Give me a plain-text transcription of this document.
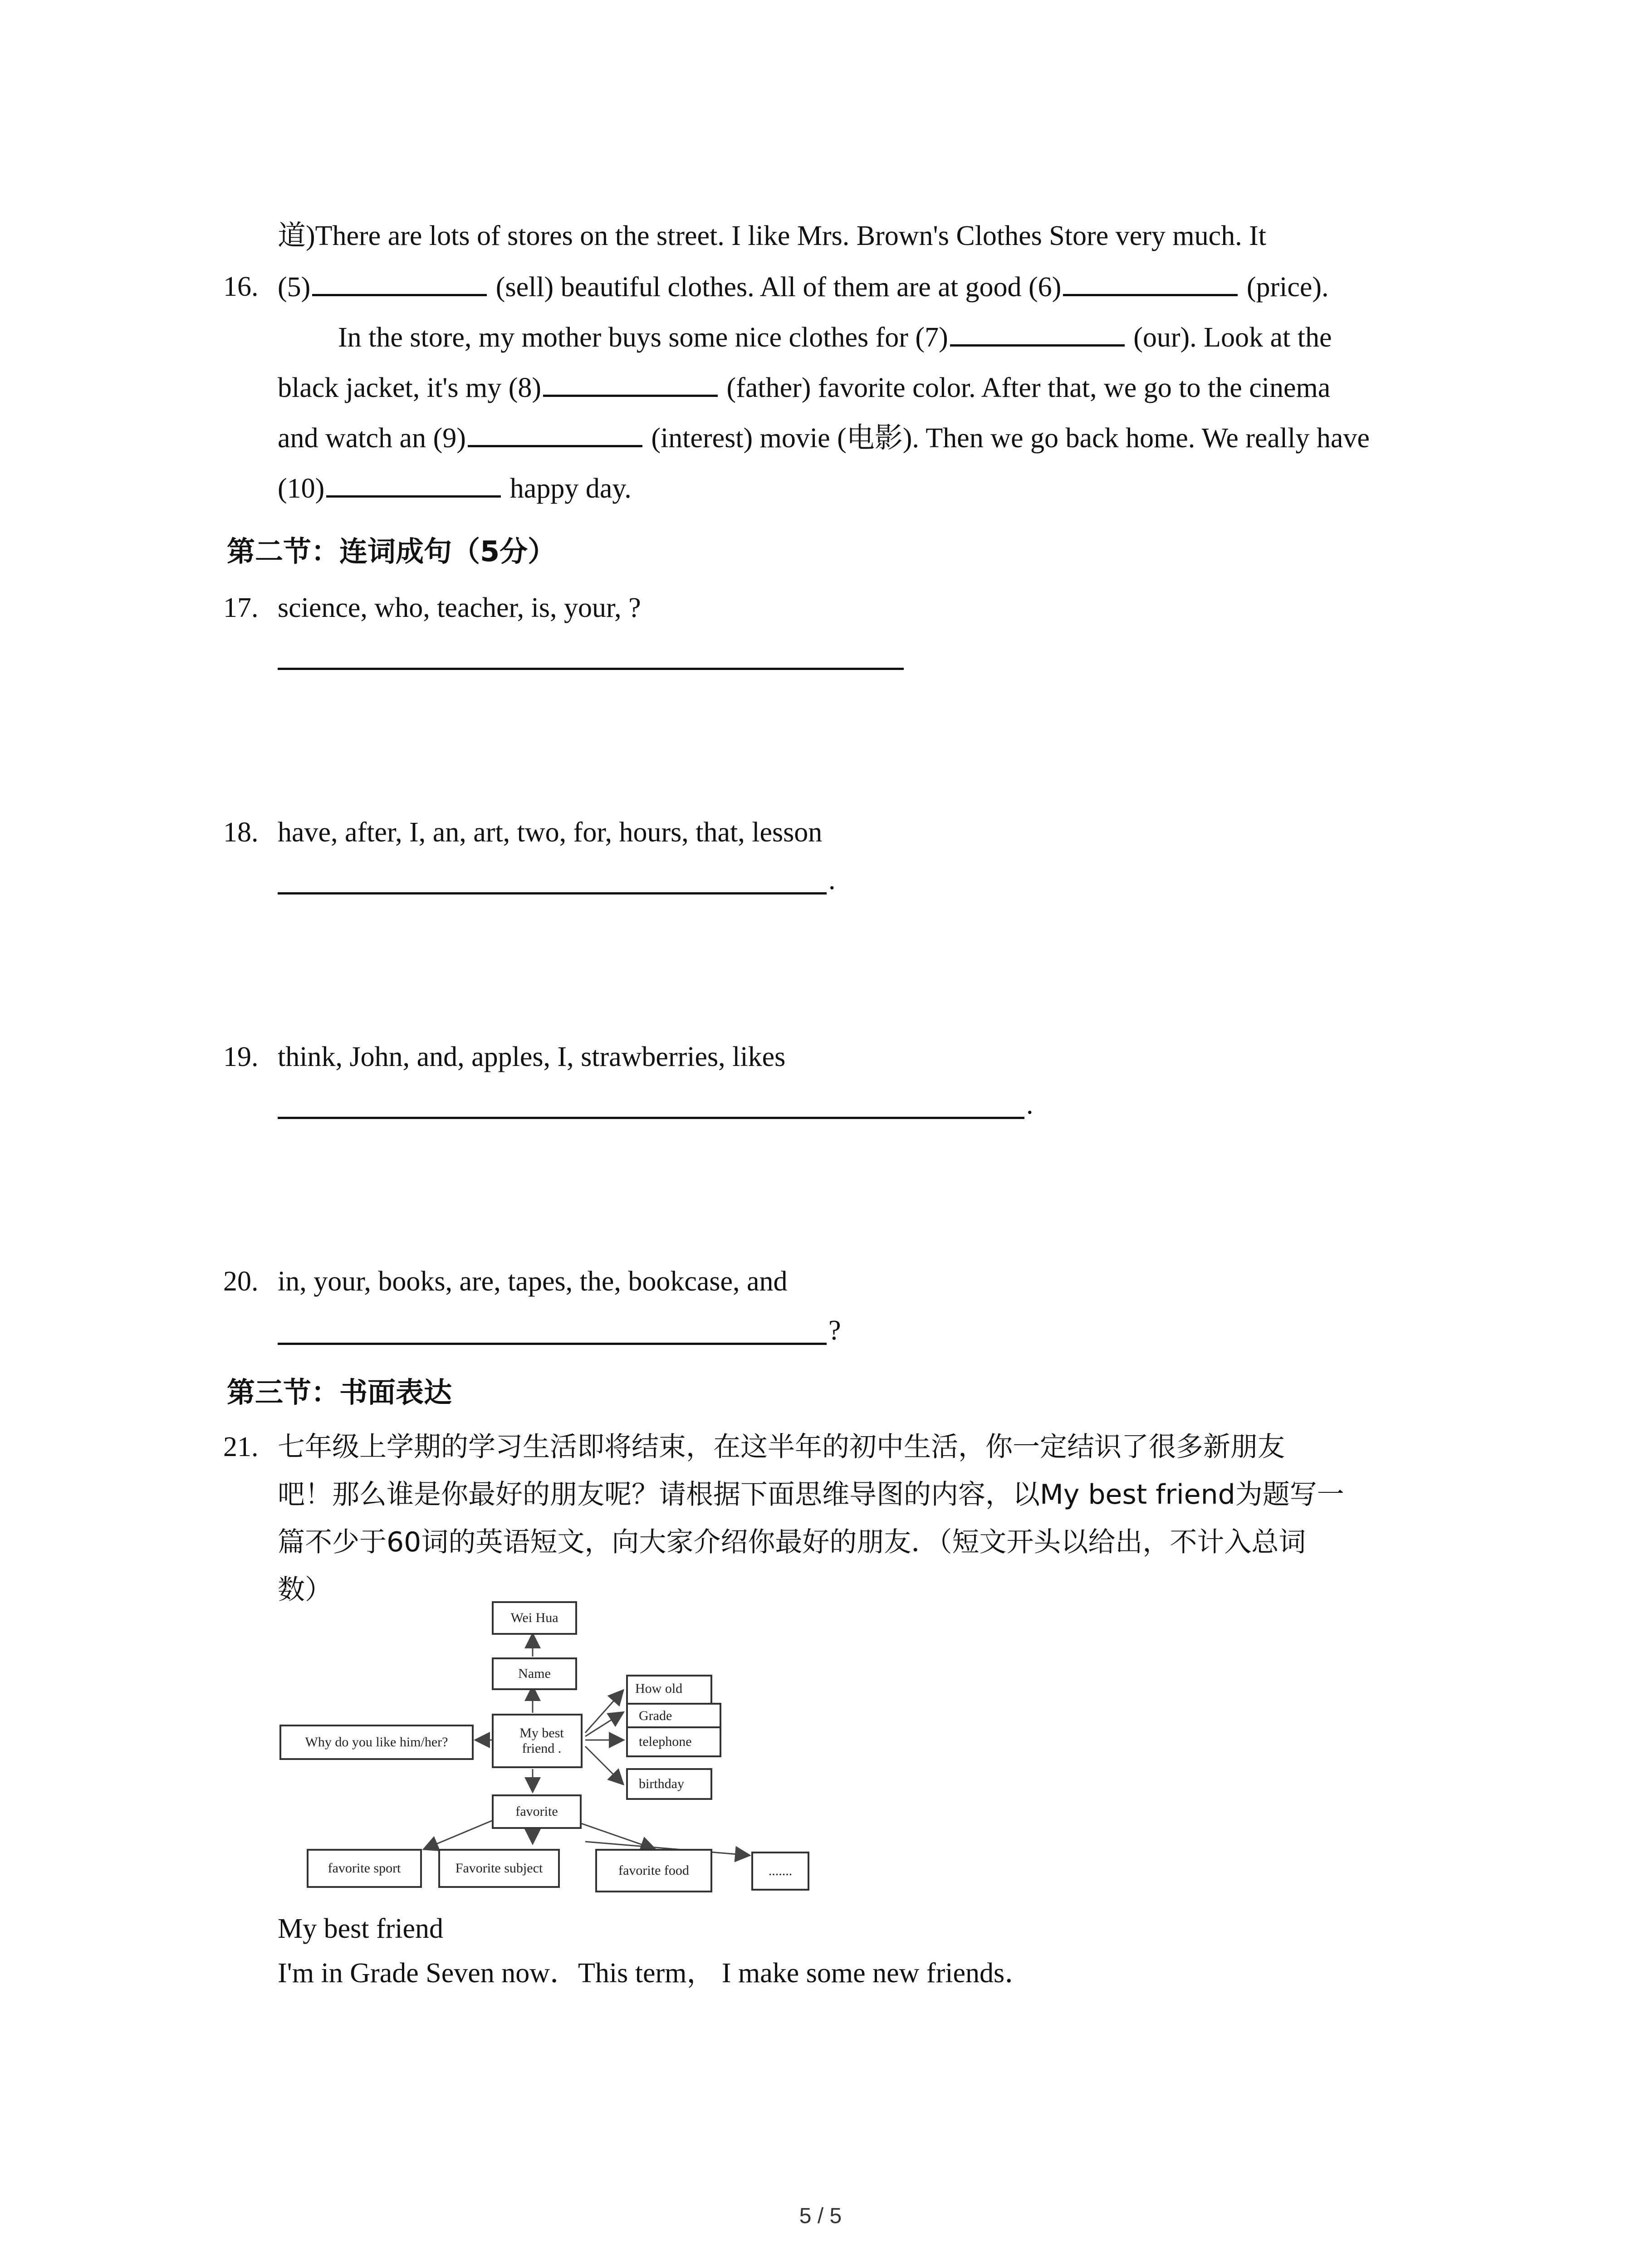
道)There are lots of stores on the street. I like Mrs. Brown's Clothes Store very much. It
16. (5)	(sell) beautiful clothes. All of them are at good (6)	(price).
In the store, my mother buys some nice clothes for (7)	(our). Look at the
black jacket, it's my (8)	(father) favorite color. After that, we go to the cinema
and watch an (9)	(interest) movie (电影). Then we go back home. We really have
(10)	happy day.
第二节：连词成句（5分）
17. science, who, teacher, is, your, ?
18. have, after, I, an, art, two, for, hours, that, lesson
.
19. think, John, and, apples, I, strawberries, likes
.
20. in, your, books, are, tapes, the, bookcase, and
?
第三节：书面表达
21. 七年级上学期的学习生活即将结束，在这半年的初中生活，你一定结识了很多新朋友
吧！那么谁是你最好的朋友呢？请根据下面思维导图的内容，以My best friend为题写一
篇不少于60词的英语短文，向大家介绍你最好的朋友．（短文开头以给出，不计入总词
数）
Wei Hua
Name
My best friend .
Why do you like him/her?
How old
Grade
telephone
birthday
favorite
favorite sport	Favorite subject	favorite food	.......
My best friend
I'm in Grade Seven now．This term， I make some new friends．
5 / 5
